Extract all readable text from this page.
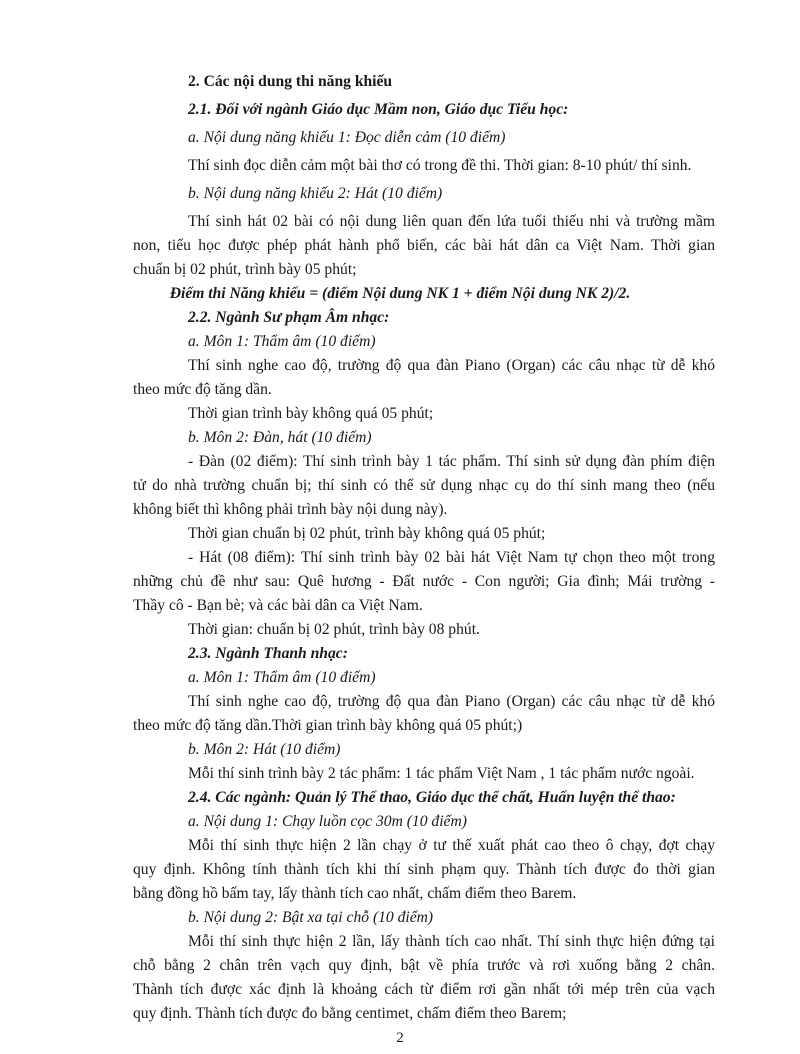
2. Các nội dung thi năng khiếu
2.1. Đối với ngành Giáo dục Mầm non, Giáo dục Tiểu học:
a. Nội dung năng khiếu 1: Đọc diễn cảm (10 điểm)
Thí sinh đọc diễn cảm một bài thơ có trong đề thi. Thời gian: 8-10 phút/ thí sinh.
b. Nội dung năng khiếu 2: Hát (10 điểm)
Thí sinh hát 02 bài có nội dung liên quan đến lứa tuổi thiếu nhi và trường mầm
non, tiểu học được phép phát hành phổ biến, các bài hát dân ca Việt Nam. Thời gian
chuẩn bị 02 phút, trình bày 05 phút;
Điểm thi Năng khiếu = (điểm Nội dung NK 1 + điểm Nội dung NK 2)/2.
2.2. Ngành Sư phạm Âm nhạc:
a. Môn 1: Thẩm âm (10 điểm)
Thí sinh nghe cao độ, trường độ qua đàn Piano (Organ) các câu nhạc từ dễ khó
theo mức độ tăng dần.
Thời gian trình bày không quá 05 phút;
b. Môn 2: Đàn, hát (10 điểm)
- Đàn (02 điểm): Thí sinh trình bày 1 tác phẩm. Thí sinh sử dụng đàn phím điện
tử do nhà trường chuẩn bị; thí sinh có thể sử dụng nhạc cụ do thí sinh mang theo (nếu
không biết thì không phải trình bày nội dung này).
Thời gian chuẩn bị 02 phút, trình bày không quá 05 phút;
- Hát (08 điểm): Thí sinh trình bày 02 bài hát Việt Nam tự chọn theo một trong
những chủ đề như sau: Quê hương - Đất nước - Con người; Gia đình; Mái trường -
Thầy cô - Bạn bè; và các bài dân ca Việt Nam.
Thời gian: chuẩn bị 02 phút, trình bày 08 phút.
2.3. Ngành Thanh nhạc:
a. Môn 1: Thẩm âm (10 điểm)
Thí sinh nghe cao độ, trường độ qua đàn Piano (Organ) các câu nhạc từ dễ khó
theo mức độ tăng dần.Thời gian trình bày không quá 05 phút;)
b. Môn 2: Hát (10 điểm)
Mỗi thí sinh trình bày 2 tác phẩm: 1 tác phẩm Việt Nam , 1 tác phẩm nước ngoài.
2.4. Các ngành: Quản lý Thể thao, Giáo dục thể chất, Huấn luyện thể thao:
a. Nội dung 1: Chạy luồn cọc 30m (10 điểm)
Mỗi thí sinh thực hiện 2 lần chạy ở tư thế xuất phát cao theo ô chạy, đợt chạy
quy định. Không tính thành tích khi thí sinh phạm quy. Thành tích được đo thời gian
bằng đồng hồ bấm tay, lấy thành tích cao nhất, chấm điểm theo Barem.
b. Nội dung 2: Bật xa tại chỗ (10 điểm)
Mỗi thí sinh thực hiện 2 lần, lấy thành tích cao nhất. Thí sinh thực hiện đứng tại
chỗ bằng 2 chân trên vạch quy định, bật về phía trước và rơi xuống bằng 2 chân.
Thành tích được xác định là khoảng cách từ điểm rơi gần nhất tới mép trên của vạch
quy định. Thành tích được đo bằng centimet, chấm điểm theo Barem;
2
